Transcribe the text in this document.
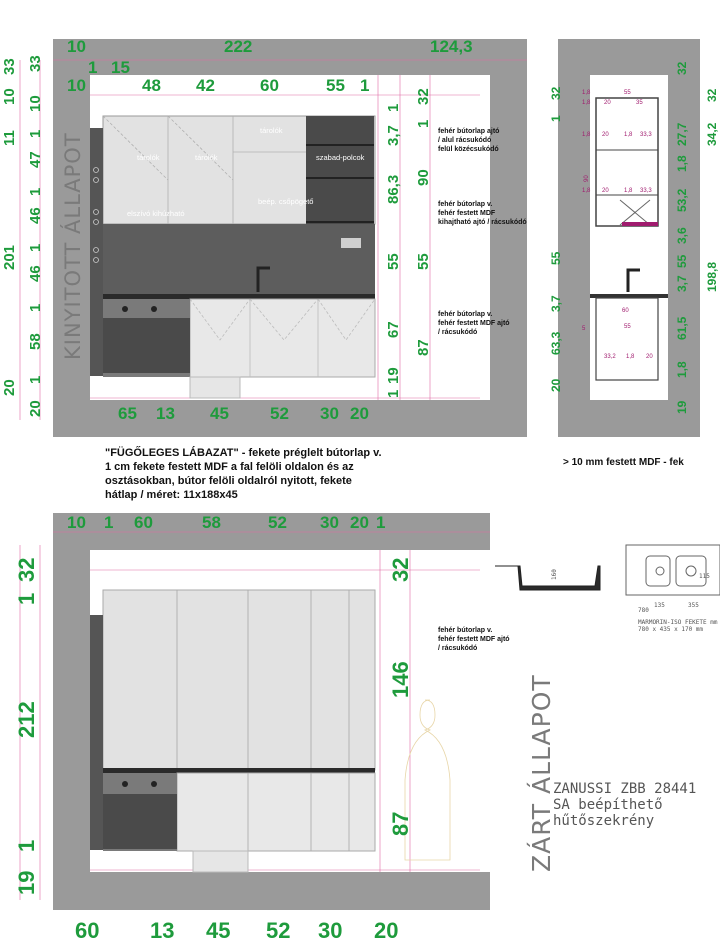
KINYITOTT ÁLLAPOT	tárolók	tárolók
tárolók
szabad-polcok
beép. csőpögető
elszívó kihúzható
10	222	124,3
1 15
10	48 42	60	55 1
33 33
10 10
11
47
1
46
1
46
201 1
58
1
20
20
1
32
3,7
1
1
90
86,3
55 55
67
87
19
1
65 13 45 52 30 20
fehér bútorlap ajtó / alul rácsukódó felül közécsukódó
fehér bútorlap v. fehér festett MDF kihajtható ajtó / rácsukódó
fehér bútorlap v. fehér festett MDF ajtó / rácsukódó
1
32
55
3,7
63,3
20
32
27,7 34,2
32
1,8
53,2
3,6
55
3,7 198,8
61,5
1,8
19
1,8	55
1,8 20	35
1,8 20	1,8 33,3
1,8 20	1,8 33,3
60
55
5
33,2 1,8 20
90
> 10 mm festett MDF - fek
"FÜGŐLEGES LÁBAZAT" - fekete préglelt bútorlap v.
1 cm fekete festett MDF a fal felöli oldalon és az
osztásokban, bútor felöli oldalról nyitott, fekete
hátlap / méret: 11x188x45
10 1 60	58	52 30 20 1
1
32
212
1
19
32
146
87
60 13 45 52 30 20
fehér bútorlap v. fehér festett MDF ajtó / rácsukódó
ZÁRT ÁLLAPOT
ZANUSSI ZBB 28441
SA beépíthető
hűtőszekrény
160
780
135	355
115
MARMORIN-ISO FEKETE mm
780 x 435 x 170 mm
